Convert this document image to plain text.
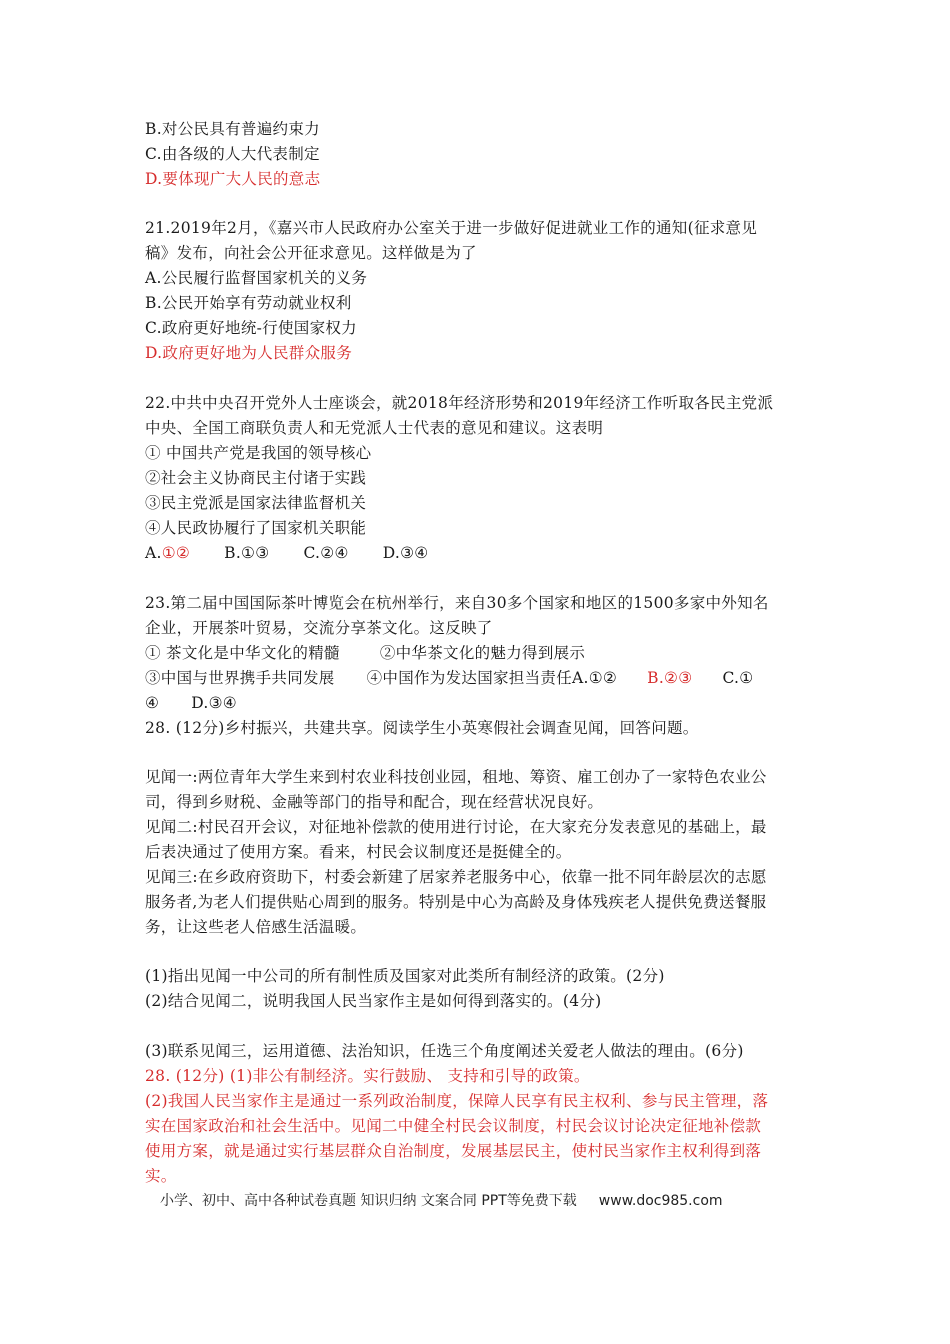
B.对公民具有普遍约束力
C.由各级的人大代表制定
D.要体现广大人民的意志
21.2019年2月，《嘉兴市人民政府办公室关于进一步做好促进就业工作的通知(征求意见
稿》发布，向社会公开征求意见。这样做是为了
A.公民履行监督国家机关的义务
B.公民开始享有劳动就业权利
C.政府更好地统-行使国家权力
D.政府更好地为人民群众服务
22.中共中央召开党外人士座谈会，就2018年经济形势和2019年经济工作听取各民主党派
中央、全国工商联负责人和无党派人士代表的意见和建议。这表明
① 中国共产党是我国的领导核心
②社会主义协商民主付诸于实践
③民主党派是国家法律监督机关
④人民政协履行了国家机关职能
A.①② B.①③ C.②④ D.③④
23.第二届中国国际茶叶博览会在杭州举行，来自30多个国家和地区的1500多家中外知名
企业，开展茶叶贸易，交流分享茶文化。这反映了
① 茶文化是中华文化的精髓	②中华茶文化的魅力得到展示
③中国与世界携手共同发展 ④中国作为发达国家担当责任A.①② B.②③ C.①
④ D.③④
28. (12分)乡村振兴，共建共享。阅读学生小英寒假社会调查见闻，回答问题。
见闻一:两位青年大学生来到村农业科技创业园，租地、筹资、雇工创办了一家特色农业公
司，得到乡财税、金融等部门的指导和配合，现在经营状况良好。
见闻二:村民召开会议，对征地补偿款的使用进行讨论，在大家充分发表意见的基础上，最
后表决通过了使用方案。看来，村民会议制度还是挺健全的。
见闻三:在乡政府资助下，村委会新建了居家养老服务中心，依靠一批不同年龄层次的志愿
服务者,为老人们提供贴心周到的服务。特别是中心为高龄及身体残疾老人提供免费送餐服
务，让这些老人倍感生活温暖。
(1)指出见闻一中公司的所有制性质及国家对此类所有制经济的政策。(2分)
(2)结合见闻二，说明我国人民当家作主是如何得到落实的。(4分)
(3)联系见闻三，运用道德、法治知识，任选三个角度阐述关爱老人做法的理由。(6分)
28. (12分) (1)非公有制经济。实行鼓励、 支持和引导的政策。
(2)我国人民当家作主是通过一系列政治制度，保障人民享有民主权利、参与民主管理，落
实在国家政治和社会生活中。见闻二中健全村民会议制度，村民会议讨论决定征地补偿款
使用方案，就是通过实行基层群众自治制度，发展基层民主，使村民当家作主权利得到落
实。
小学、初中、高中各种试卷真题 知识归纳 文案合同 PPT等免费下载 www.doc985.com
